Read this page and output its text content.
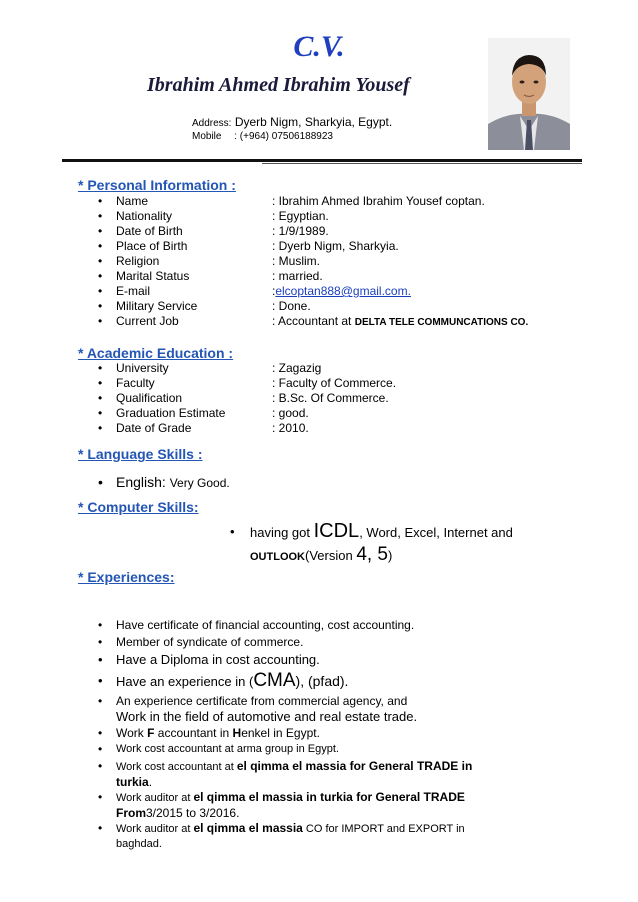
C.V.
Ibrahim Ahmed Ibrahim Yousef
Address: Dyerb Nigm, Sharkyia, Egypt.
Mobile : (+964) 07506188923
* Personal Information :
• Name	: Ibrahim Ahmed Ibrahim Yousef coptan.
• Nationality	: Egyptian.
• Date of Birth	: 1/9/1989.
• Place of Birth	: Dyerb Nigm, Sharkyia.
• Religion	: Muslim.
• Marital Status	: married.
• E-mail	:elcoptan888@gmail.com.
• Military Service	: Done.
• Current Job	: Accountant at DELTA TELE COMMUNCATIONS CO.
* Academic Education :
• University	: Zagazig
• Faculty	: Faculty of Commerce.
• Qualification	: B.Sc. Of Commerce.
• Graduation Estimate	: good.
• Date of Grade	: 2010.
* Language Skills :
• English: Very Good.
* Computer Skills:
• having got ICDL, Word, Excel, Internet and
OUTLOOK(Version 4, 5)
* Experiences:
• Have certificate of financial accounting, cost accounting.
• Member of syndicate of commerce.
• Have a Diploma in cost accounting.
• Have an experience in (CMA), (pfad).
• An experience certificate from commercial agency, and
Work in the field of automotive and real estate trade.
• Work F accountant in Henkel in Egypt.
• Work cost accountant at arma group in Egypt.
• Work cost accountant at el qimma el massia for General TRADE in
turkia.
• Work auditor at el qimma el massia in turkia for General TRADE
From3/2015 to 3/2016.
• Work auditor at el qimma el massia CO for IMPORT and EXPORT in
baghdad.
